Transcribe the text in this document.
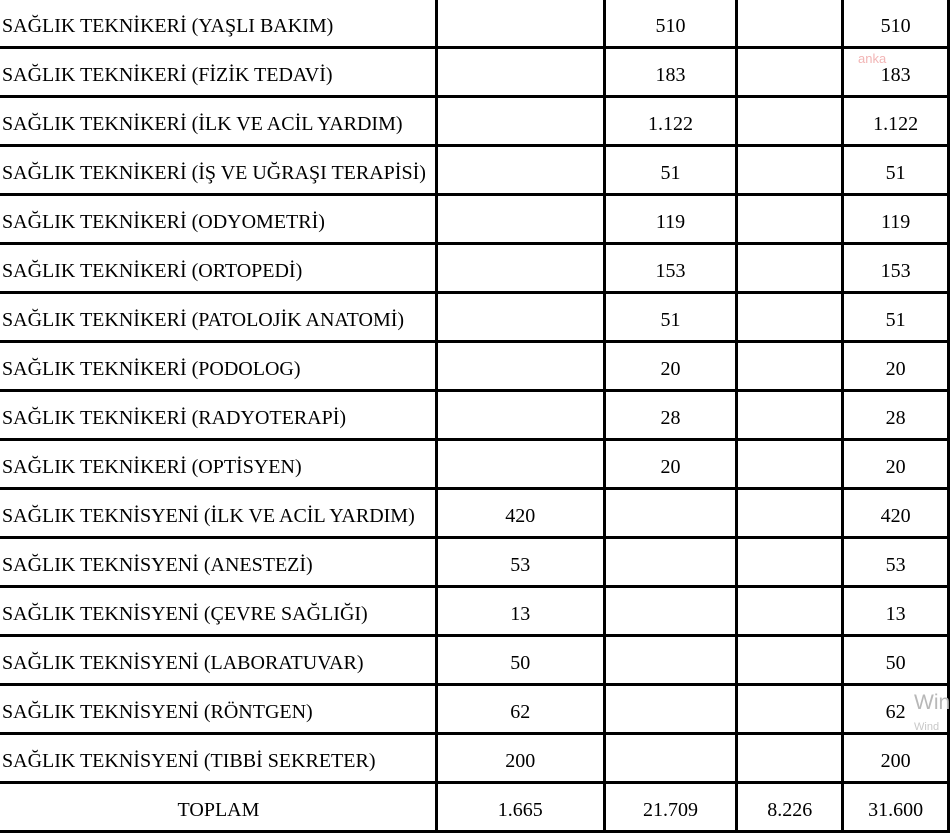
SAĞLIK TEKNİKERİ (YAŞLI BAKIM)		510		510
SAĞLIK TEKNİKERİ (FİZİK TEDAVİ)		183		183
SAĞLIK TEKNİKERİ (İLK VE ACİL YARDIM)		1.122		1.122
SAĞLIK TEKNİKERİ (İŞ VE UĞRAŞI TERAPİSİ)		51		51
SAĞLIK TEKNİKERİ (ODYOMETRİ)		119		119
SAĞLIK TEKNİKERİ (ORTOPEDİ)		153		153
SAĞLIK TEKNİKERİ (PATOLOJİK ANATOMİ)		51		51
SAĞLIK TEKNİKERİ (PODOLOG)		20		20
SAĞLIK TEKNİKERİ (RADYOTERAPİ)		28		28
SAĞLIK TEKNİKERİ (OPTİSYEN)		20		20
SAĞLIK TEKNİSYENİ (İLK VE ACİL YARDIM)	420			420
SAĞLIK TEKNİSYENİ (ANESTEZİ)	53			53
SAĞLIK TEKNİSYENİ (ÇEVRE SAĞLIĞI)	13			13
SAĞLIK TEKNİSYENİ (LABORATUVAR)	50			50
SAĞLIK TEKNİSYENİ (RÖNTGEN)	62			62
SAĞLIK TEKNİSYENİ (TIBBİ SEKRETER)	200			200
TOPLAM	1.665	21.709	8.226	31.600
anka
Win
Wind
